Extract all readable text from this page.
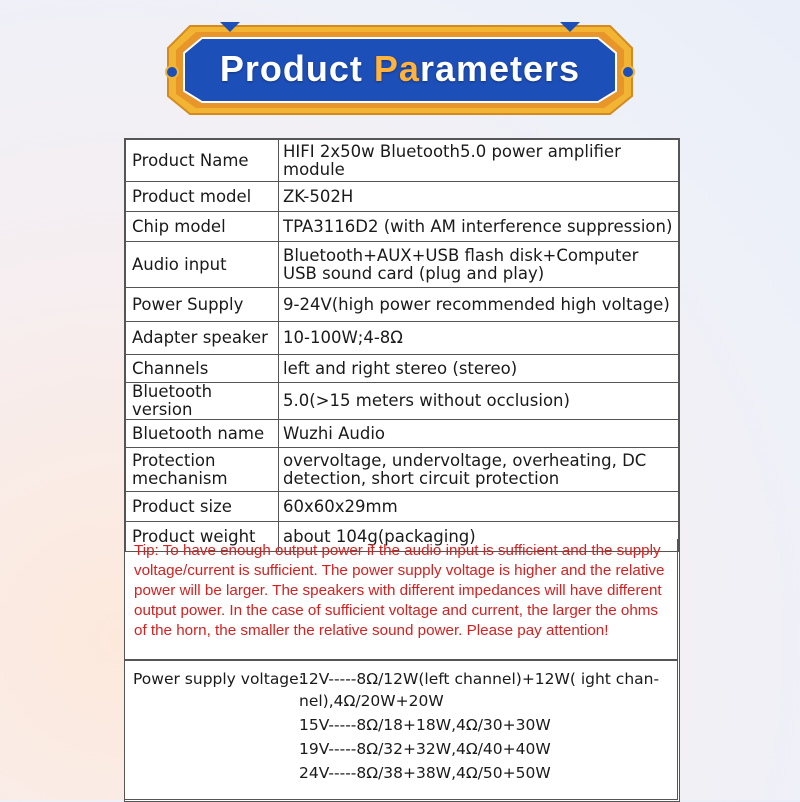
Product Parameters
Product Name	HIFI 2x50w Bluetooth5.0 power amplifier module
Product model	ZK-502H
Chip model	TPA3116D2 (with AM interference suppression)
Audio input	Bluetooth+AUX+USB flash disk+Computer USB sound card (plug and play)
Power Supply	9-24V(high power recommended high voltage)
Adapter speaker	10-100W;4-8Ω
Channels	left and right stereo (stereo)
Bluetooth version	5.0(>15 meters without occlusion)
Bluetooth name	Wuzhi Audio
Protection mechanism	overvoltage, undervoltage, overheating, DC detection, short circuit protection
Product size	60x60x29mm
Product weight	about 104g(packaging)
Tip: To have enough output power if the audio input is sufficient and the supply voltage/current is sufficient. The power supply voltage is higher and the relative power will be larger. The speakers with different impedances will have different output power. In the case of sufficient voltage and current, the larger the ohms of the horn, the smaller the relative sound power. Please pay attention!
Power supply voltage:
12V-----8Ω/12W(left channel)+12W( ight chan-
nel),4Ω/20W+20W
15V-----8Ω/18+18W,4Ω/30+30W
19V-----8Ω/32+32W,4Ω/40+40W
24V-----8Ω/38+38W,4Ω/50+50W
